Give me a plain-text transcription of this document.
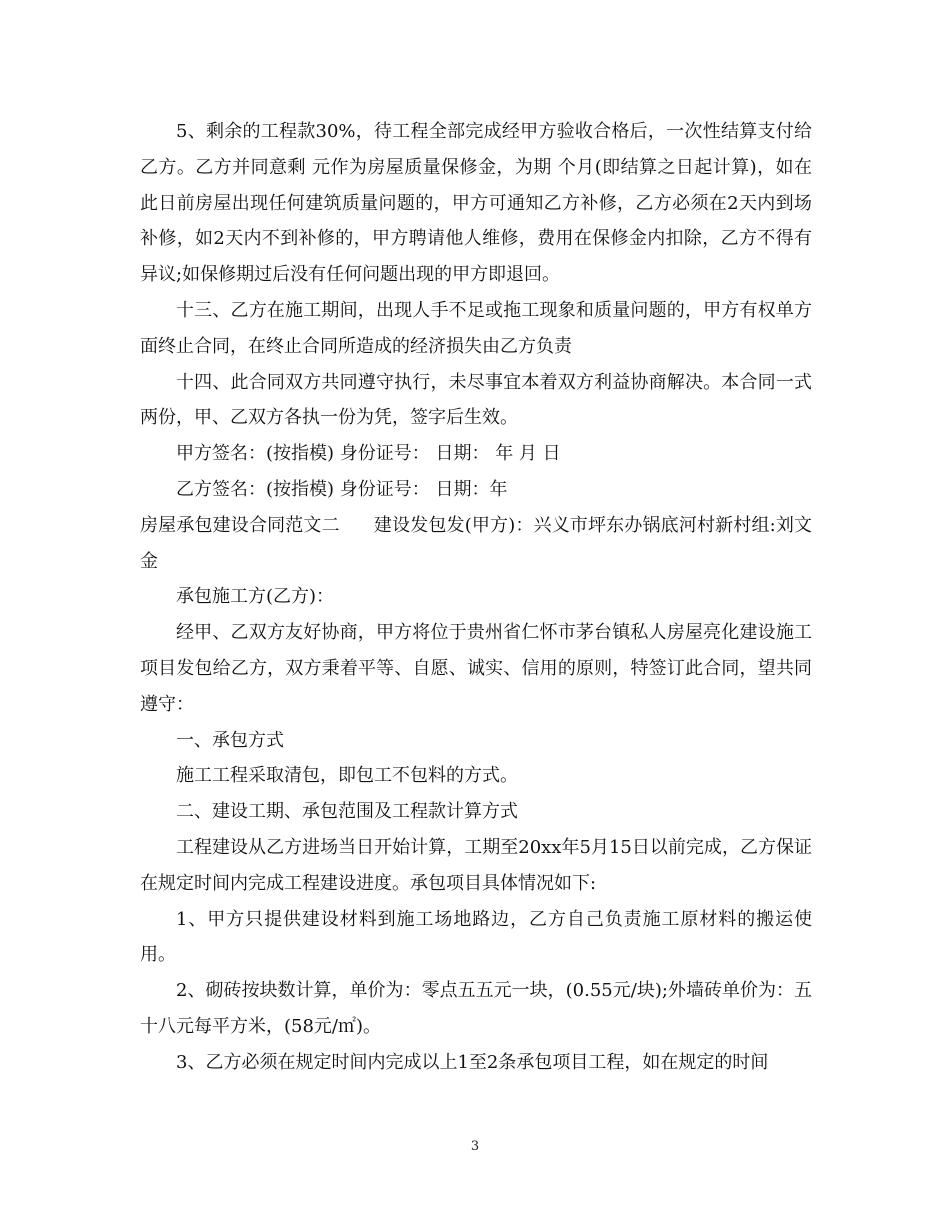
5、剩余的工程款30%，待工程全部完成经甲方验收合格后，一次性结算支付给乙方。乙方并同意剩 元作为房屋质量保修金，为期 个月(即结算之日起计算)，如在此日前房屋出现任何建筑质量问题的，甲方可通知乙方补修，乙方必须在2天内到场补修，如2天内不到补修的，甲方聘请他人维修，费用在保修金内扣除，乙方不得有异议;如保修期过后没有任何问题出现的甲方即退回。

十三、乙方在施工期间，出现人手不足或拖工现象和质量问题的，甲方有权单方面终止合同，在终止合同所造成的经济损失由乙方负责

十四、此合同双方共同遵守执行，未尽事宜本着双方利益协商解决。本合同一式两份，甲、乙双方各执一份为凭，签字后生效。

甲方签名：(按指模) 身份证号： 日期： 年 月 日

乙方签名：(按指模) 身份证号： 日期：年

房屋承包建设合同范文二 建设发包发(甲方)：兴义市坪东办锅底河村新村组:刘文金

承包施工方(乙方)：

经甲、乙双方友好协商，甲方将位于贵州省仁怀市茅台镇私人房屋亮化建设施工项目发包给乙方，双方秉着平等、自愿、诚实、信用的原则，特签订此合同，望共同遵守：

一、承包方式

施工工程采取清包，即包工不包料的方式。

二、建设工期、承包范围及工程款计算方式

工程建设从乙方进场当日开始计算，工期至20xx年5月15日以前完成，乙方保证在规定时间内完成工程建设进度。承包项目具体情况如下:

1、甲方只提供建设材料到施工场地路边，乙方自己负责施工原材料的搬运使用。

2、砌砖按块数计算，单价为：零点五五元一块，(0.55元/块);外墙砖单价为：五十八元每平方米，(58元/㎡)。

3、乙方必须在规定时间内完成以上1至2条承包项目工程，如在规定的时间

3
